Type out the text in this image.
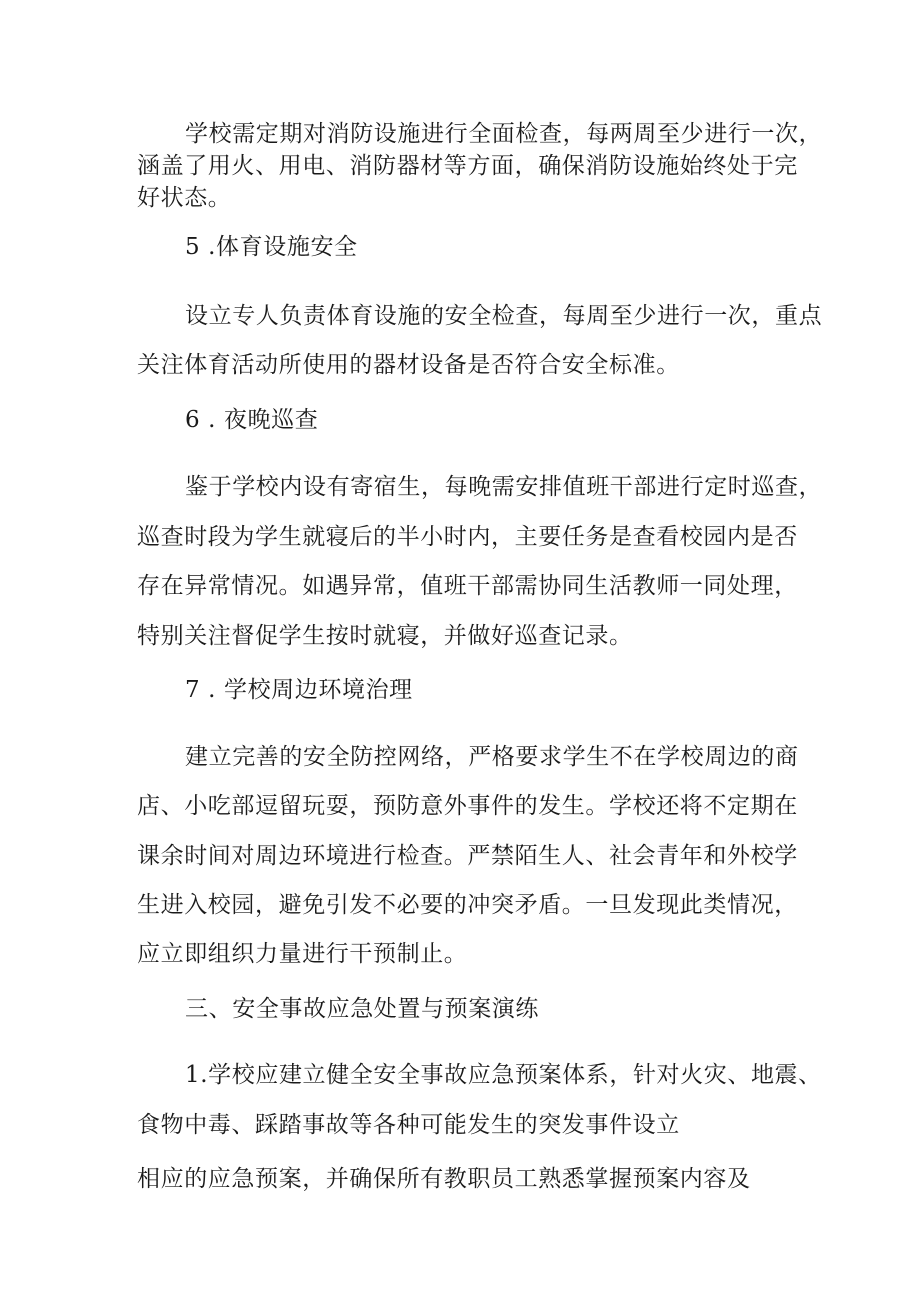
学校需定期对消防设施进行全面检查，每两周至少进行一次，
涵盖了用火、用电、消防器材等方面，确保消防设施始终处于完
好状态。
5 .体育设施安全
设立专人负责体育设施的安全检查，每周至少进行一次，重点
关注体育活动所使用的器材设备是否符合安全标准。
6 . 夜晚巡查
鉴于学校内设有寄宿生，每晚需安排值班干部进行定时巡查，
巡查时段为学生就寝后的半小时内，主要任务是查看校园内是否
存在异常情况。如遇异常，值班干部需协同生活教师一同处理，
特别关注督促学生按时就寝，并做好巡查记录。
7 . 学校周边环境治理
建立完善的安全防控网络，严格要求学生不在学校周边的商
店、小吃部逗留玩耍，预防意外事件的发生。学校还将不定期在
课余时间对周边环境进行检查。严禁陌生人、社会青年和外校学
生进入校园，避免引发不必要的冲突矛盾。一旦发现此类情况，
应立即组织力量进行干预制止。
三、安全事故应急处置与预案演练
1.学校应建立健全安全事故应急预案体系，针对火灾、地震、
食物中毒、踩踏事故等各种可能发生的突发事件设立
相应的应急预案，并确保所有教职员工熟悉掌握预案内容及
